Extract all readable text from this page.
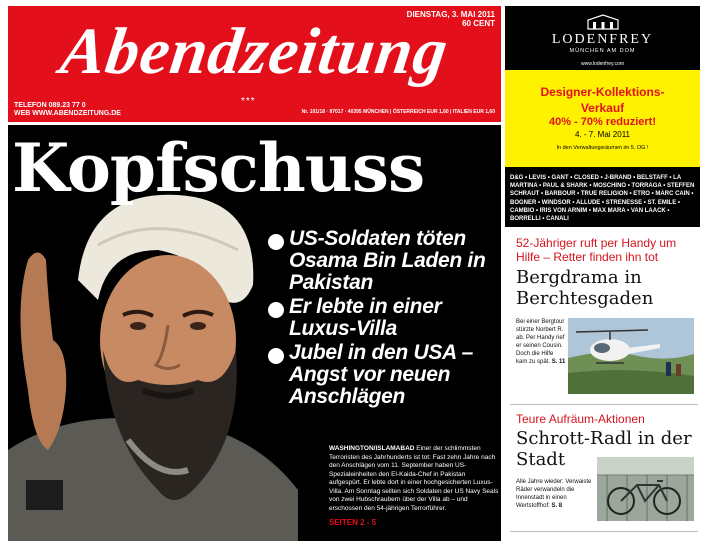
Abendzeitung
***
DIENSTAG, 3. MAI 2011
60 CENT
TELEFON 089.23 77 0
WEB WWW.ABENDZEITUNG.DE	Nr. 101/18 · 87017 · 40395 MÜNCHEN | ÖSTERREICH EUR 1,60 | ITALIEN EUR 1,60
Kopfschuss
US-Soldaten töten Osama Bin Laden in Pakistan
Er lebte in einer Luxus-Villa
Jubel in den USA – Angst vor neuen Anschlägen
WASHINGTON/ISLAMABAD Einer der schlimmsten Terroristen des Jahrhunderts ist tot: Fast zehn Jahre nach den Anschlägen vom 11. September haben US-Spezialeinheiten den El-Kaida-Chef in Pakistan aufgespürt. Er lebte dort in einer hochgesicherten Luxus-Villa. Am Sonntag seilten sich Soldaten der US Navy Seals von zwei Hubschraubern über der Villa ab – und erschossen den 54-jährigen Terrorführer.
SEITEN 2 - 5
LODENFREY
MÜNCHEN AM DOM
www.lodenfrey.com
Designer-Kollektions-
Verkauf
40% - 70% reduziert!
4. - 7. Mai 2011
In den Verwaltungsräumen im 5. OG !
D&G • LEVIS • GANT • CLOSED • J-BRAND • BELSTAFF • LA MARTINA • PAUL & SHARK • MOSCHINO • TORRAGA • STEFFEN SCHRAUT • BARBOUR • TRUE RELIGION • ETRO • MARC CAIN • BOGNER • WINDSOR • ALLUDE • STRENESSE • ST. EMILE • CAMBIO • IRIS VON ARNIM • MAX MARA • VAN LAACK • BORRELLI • CANALI
52-Jähriger ruft per Handy um Hilfe – Retter finden ihn tot
Bergdrama in Berchtesgaden
Bei einer Bergtour stürzte Norbert R. ab. Per Handy rief er seinen Cousin. Doch die Hilfe kam zu spät. S. 11
Teure Aufräum-Aktionen
Schrott-Radl in der Stadt
Alle Jahre wieder: Verwaiste Räder verwandeln die Innenstadt in einen Wertstoffhof: S. 8
